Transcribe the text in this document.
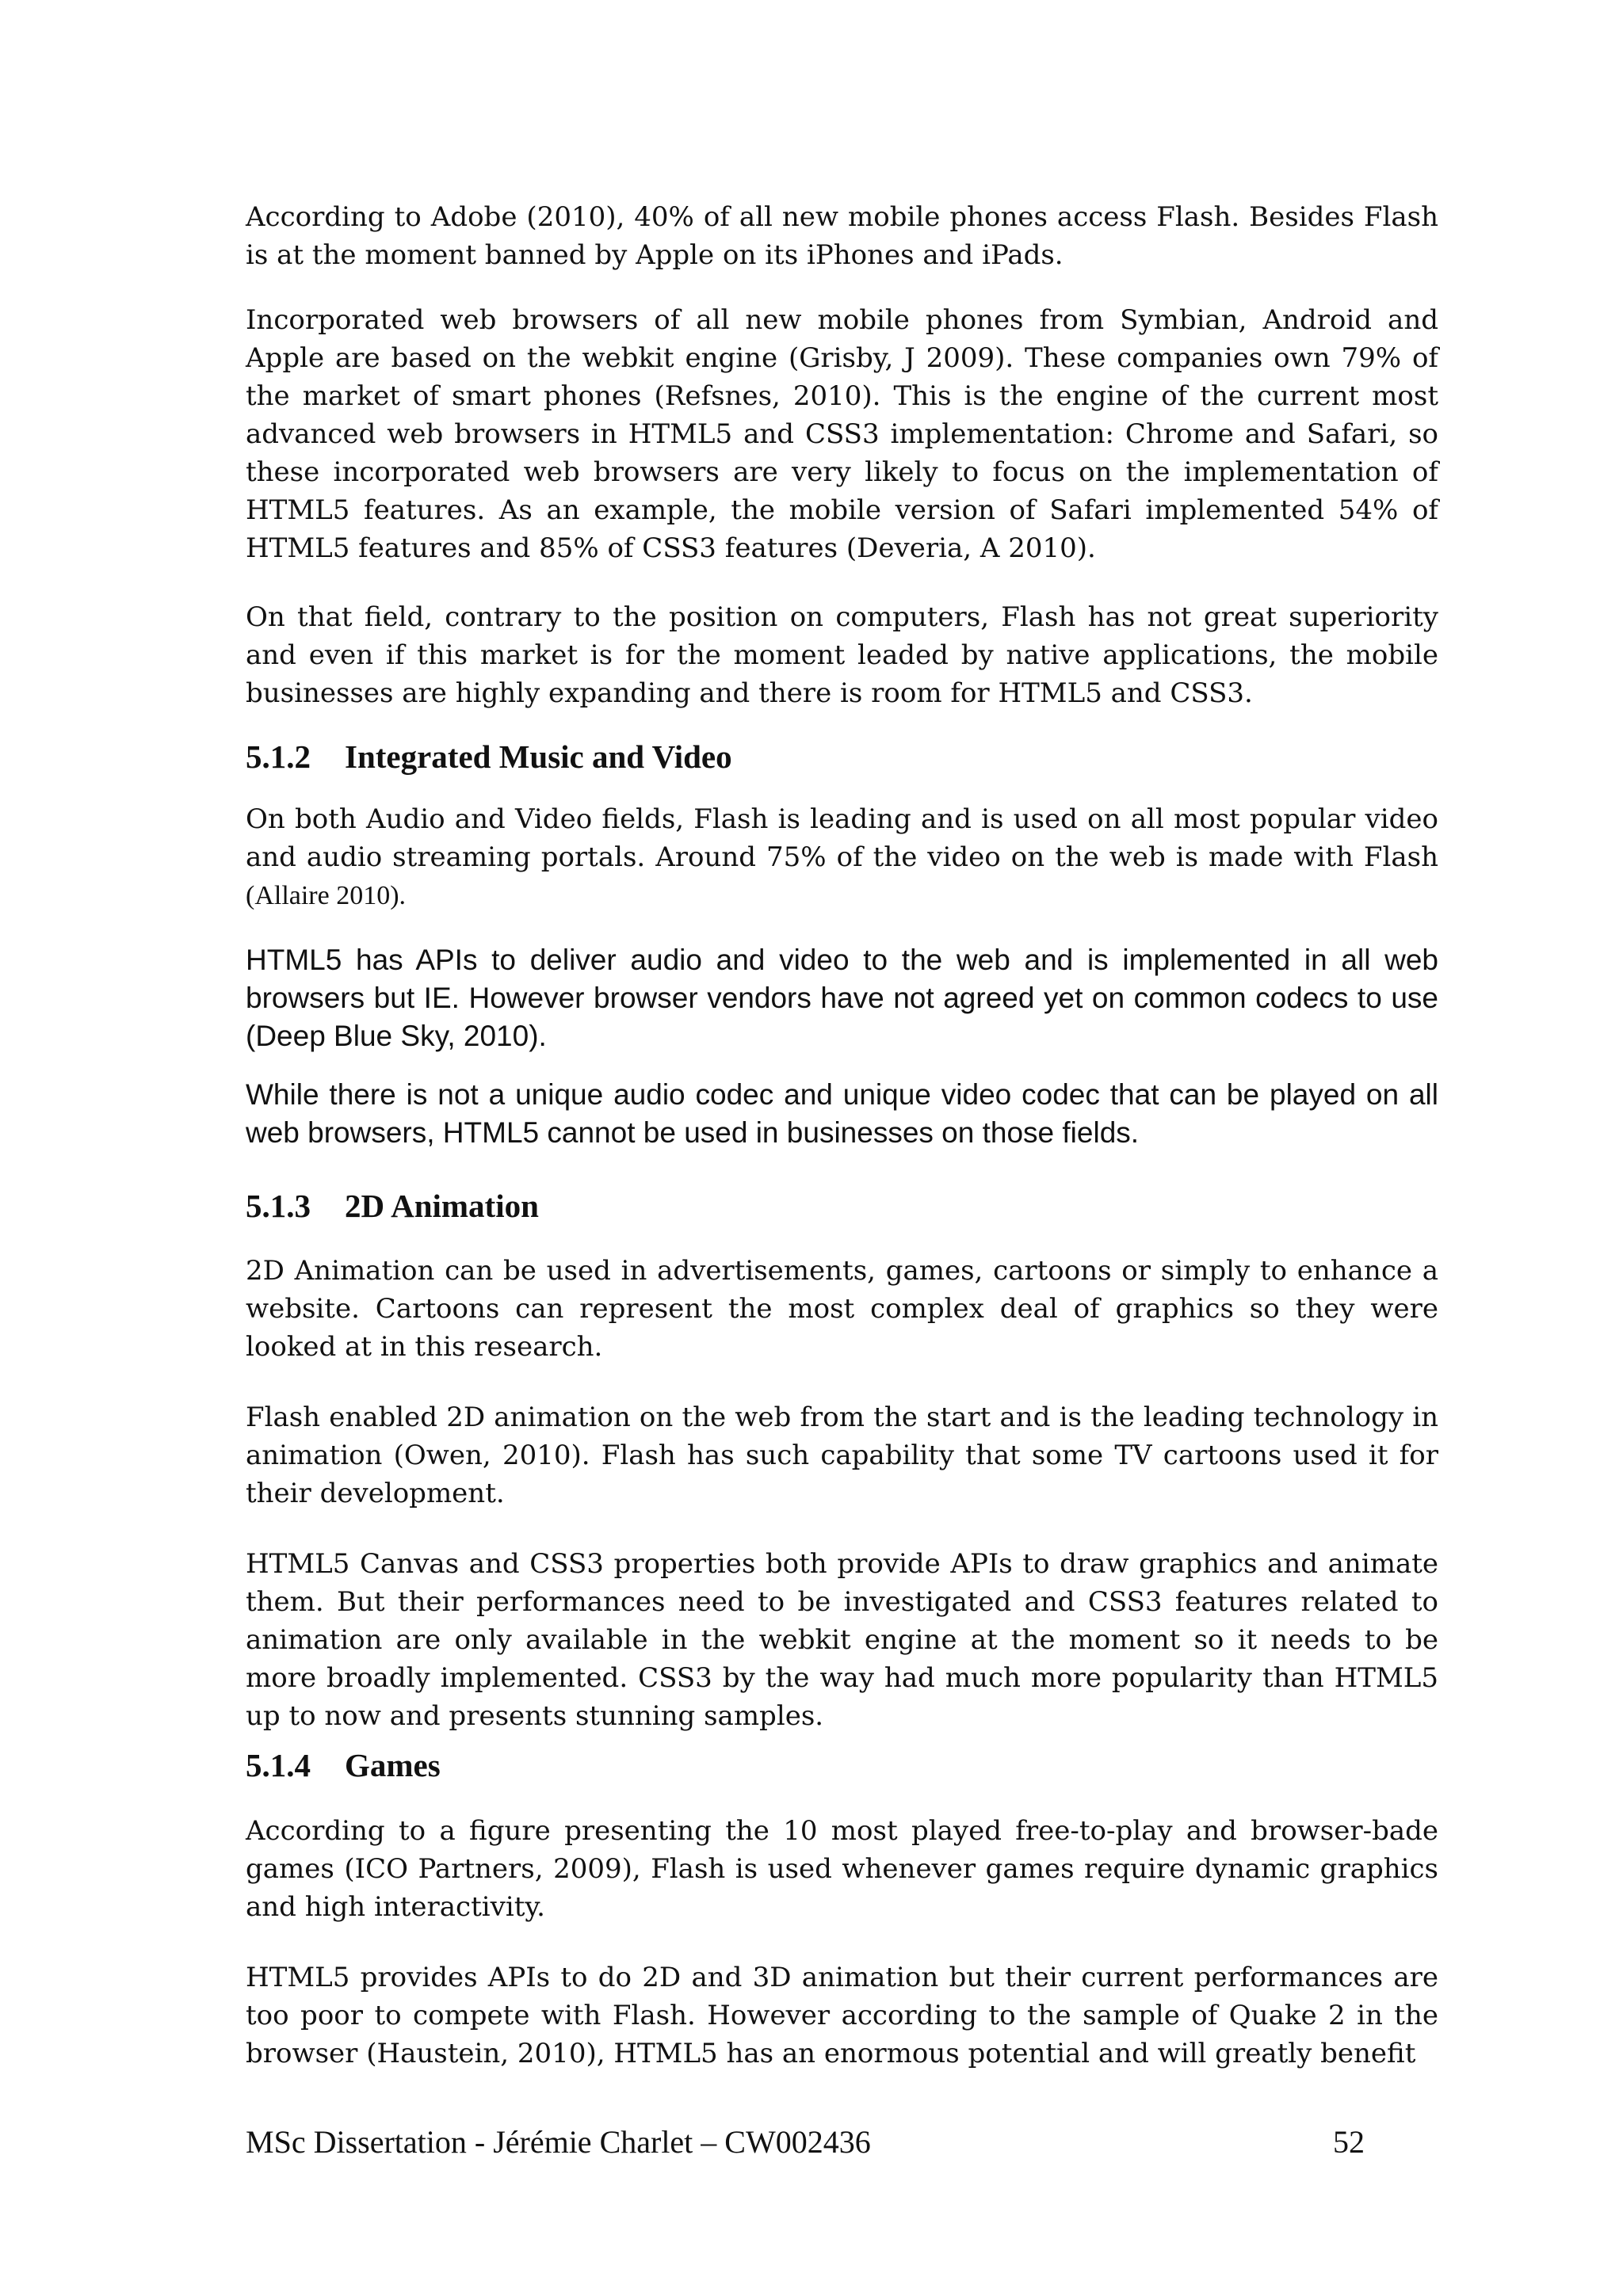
According to Adobe (2010), 40% of all new mobile phones access Flash. Besides Flash is at the moment banned by Apple on its iPhones and iPads.

Incorporated web browsers of all new mobile phones from Symbian, Android and Apple are based on the webkit engine (Grisby, J 2009). These companies own 79% of the market of smart phones (Refsnes, 2010). This is the engine of the current most advanced web browsers in HTML5 and CSS3 implementation: Chrome and Safari, so these incorporated web browsers are very likely to focus on the implementation of HTML5 features. As an example, the mobile version of Safari implemented 54% of HTML5 features and 85% of CSS3 features (Deveria, A 2010).

On that field, contrary to the position on computers, Flash has not great superiority and even if this market is for the moment leaded by native applications, the mobile businesses are highly expanding and there is room for HTML5 and CSS3.

5.1.2 Integrated Music and Video

On both Audio and Video fields, Flash is leading and is used on all most popular video and audio streaming portals. Around 75% of the video on the web is made with Flash (Allaire 2010).

HTML5 has APIs to deliver audio and video to the web and is implemented in all web browsers but IE. However browser vendors have not agreed yet on common codecs to use (Deep Blue Sky, 2010).

While there is not a unique audio codec and unique video codec that can be played on all web browsers, HTML5 cannot be used in businesses on those fields.

5.1.3 2D Animation

2D Animation can be used in advertisements, games, cartoons or simply to enhance a website. Cartoons can represent the most complex deal of graphics so they were looked at in this research.

Flash enabled 2D animation on the web from the start and is the leading technology in animation (Owen, 2010). Flash has such capability that some TV cartoons used it for their development.

HTML5 Canvas and CSS3 properties both provide APIs to draw graphics and animate them. But their performances need to be investigated and CSS3 features related to animation are only available in the webkit engine at the moment so it needs to be more broadly implemented. CSS3 by the way had much more popularity than HTML5 up to now and presents stunning samples.

5.1.4 Games

According to a figure presenting the 10 most played free-to-play and browser-bade games (ICO Partners, 2009), Flash is used whenever games require dynamic graphics and high interactivity.

HTML5 provides APIs to do 2D and 3D animation but their current performances are too poor to compete with Flash. However according to the sample of Quake 2 in the browser (Haustein, 2010), HTML5 has an enormous potential and will greatly benefit

MSc Dissertation - Jérémie Charlet – CW002436	52
